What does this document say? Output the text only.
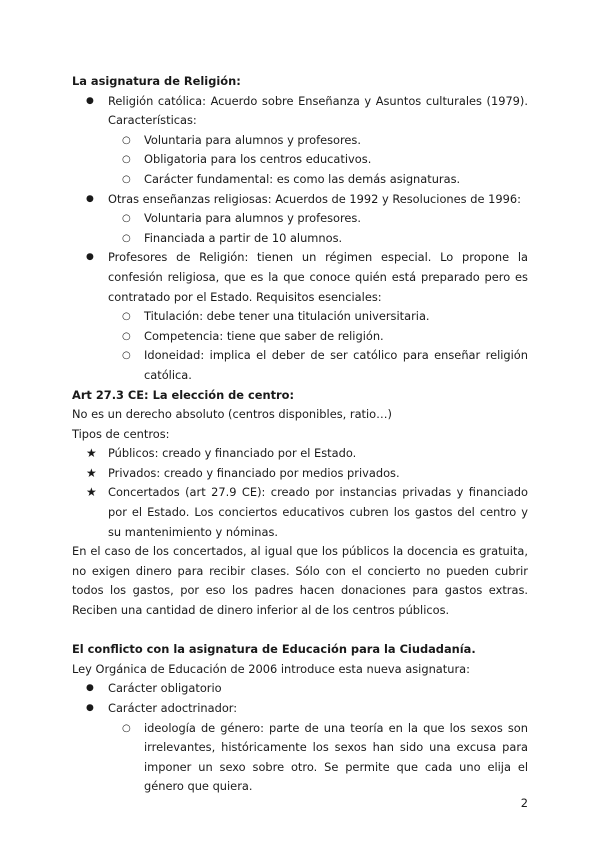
La asignatura de Religión:
● Religión católica: Acuerdo sobre Enseñanza y Asuntos culturales (1979). Características:
○ Voluntaria para alumnos y profesores.
○ Obligatoria para los centros educativos.
○ Carácter fundamental: es como las demás asignaturas.
● Otras enseñanzas religiosas: Acuerdos de 1992 y Resoluciones de 1996:
○ Voluntaria para alumnos y profesores.
○ Financiada a partir de 10 alumnos.
● Profesores de Religión: tienen un régimen especial. Lo propone la confesión religiosa, que es la que conoce quién está preparado pero es contratado por el Estado. Requisitos esenciales:
○ Titulación: debe tener una titulación universitaria.
○ Competencia: tiene que saber de religión.
○ Idoneidad: implica el deber de ser católico para enseñar religión católica.
Art 27.3 CE: La elección de centro:
No es un derecho absoluto (centros disponibles, ratio…)
Tipos de centros:
★ Públicos: creado y financiado por el Estado.
★ Privados: creado y financiado por medios privados.
★ Concertados (art 27.9 CE): creado por instancias privadas y financiado por el Estado. Los conciertos educativos cubren los gastos del centro y su mantenimiento y nóminas.
En el caso de los concertados, al igual que los públicos la docencia es gratuita, no exigen dinero para recibir clases. Sólo con el concierto no pueden cubrir todos los gastos, por eso los padres hacen donaciones para gastos extras. Reciben una cantidad de dinero inferior al de los centros públicos.
El conflicto con la asignatura de Educación para la Ciudadanía.
Ley Orgánica de Educación de 2006 introduce esta nueva asignatura:
● Carácter obligatorio
● Carácter adoctrinador:
○ ideología de género: parte de una teoría en la que los sexos son irrelevantes, históricamente los sexos han sido una excusa para imponer un sexo sobre otro. Se permite que cada uno elija el género que quiera.
2
